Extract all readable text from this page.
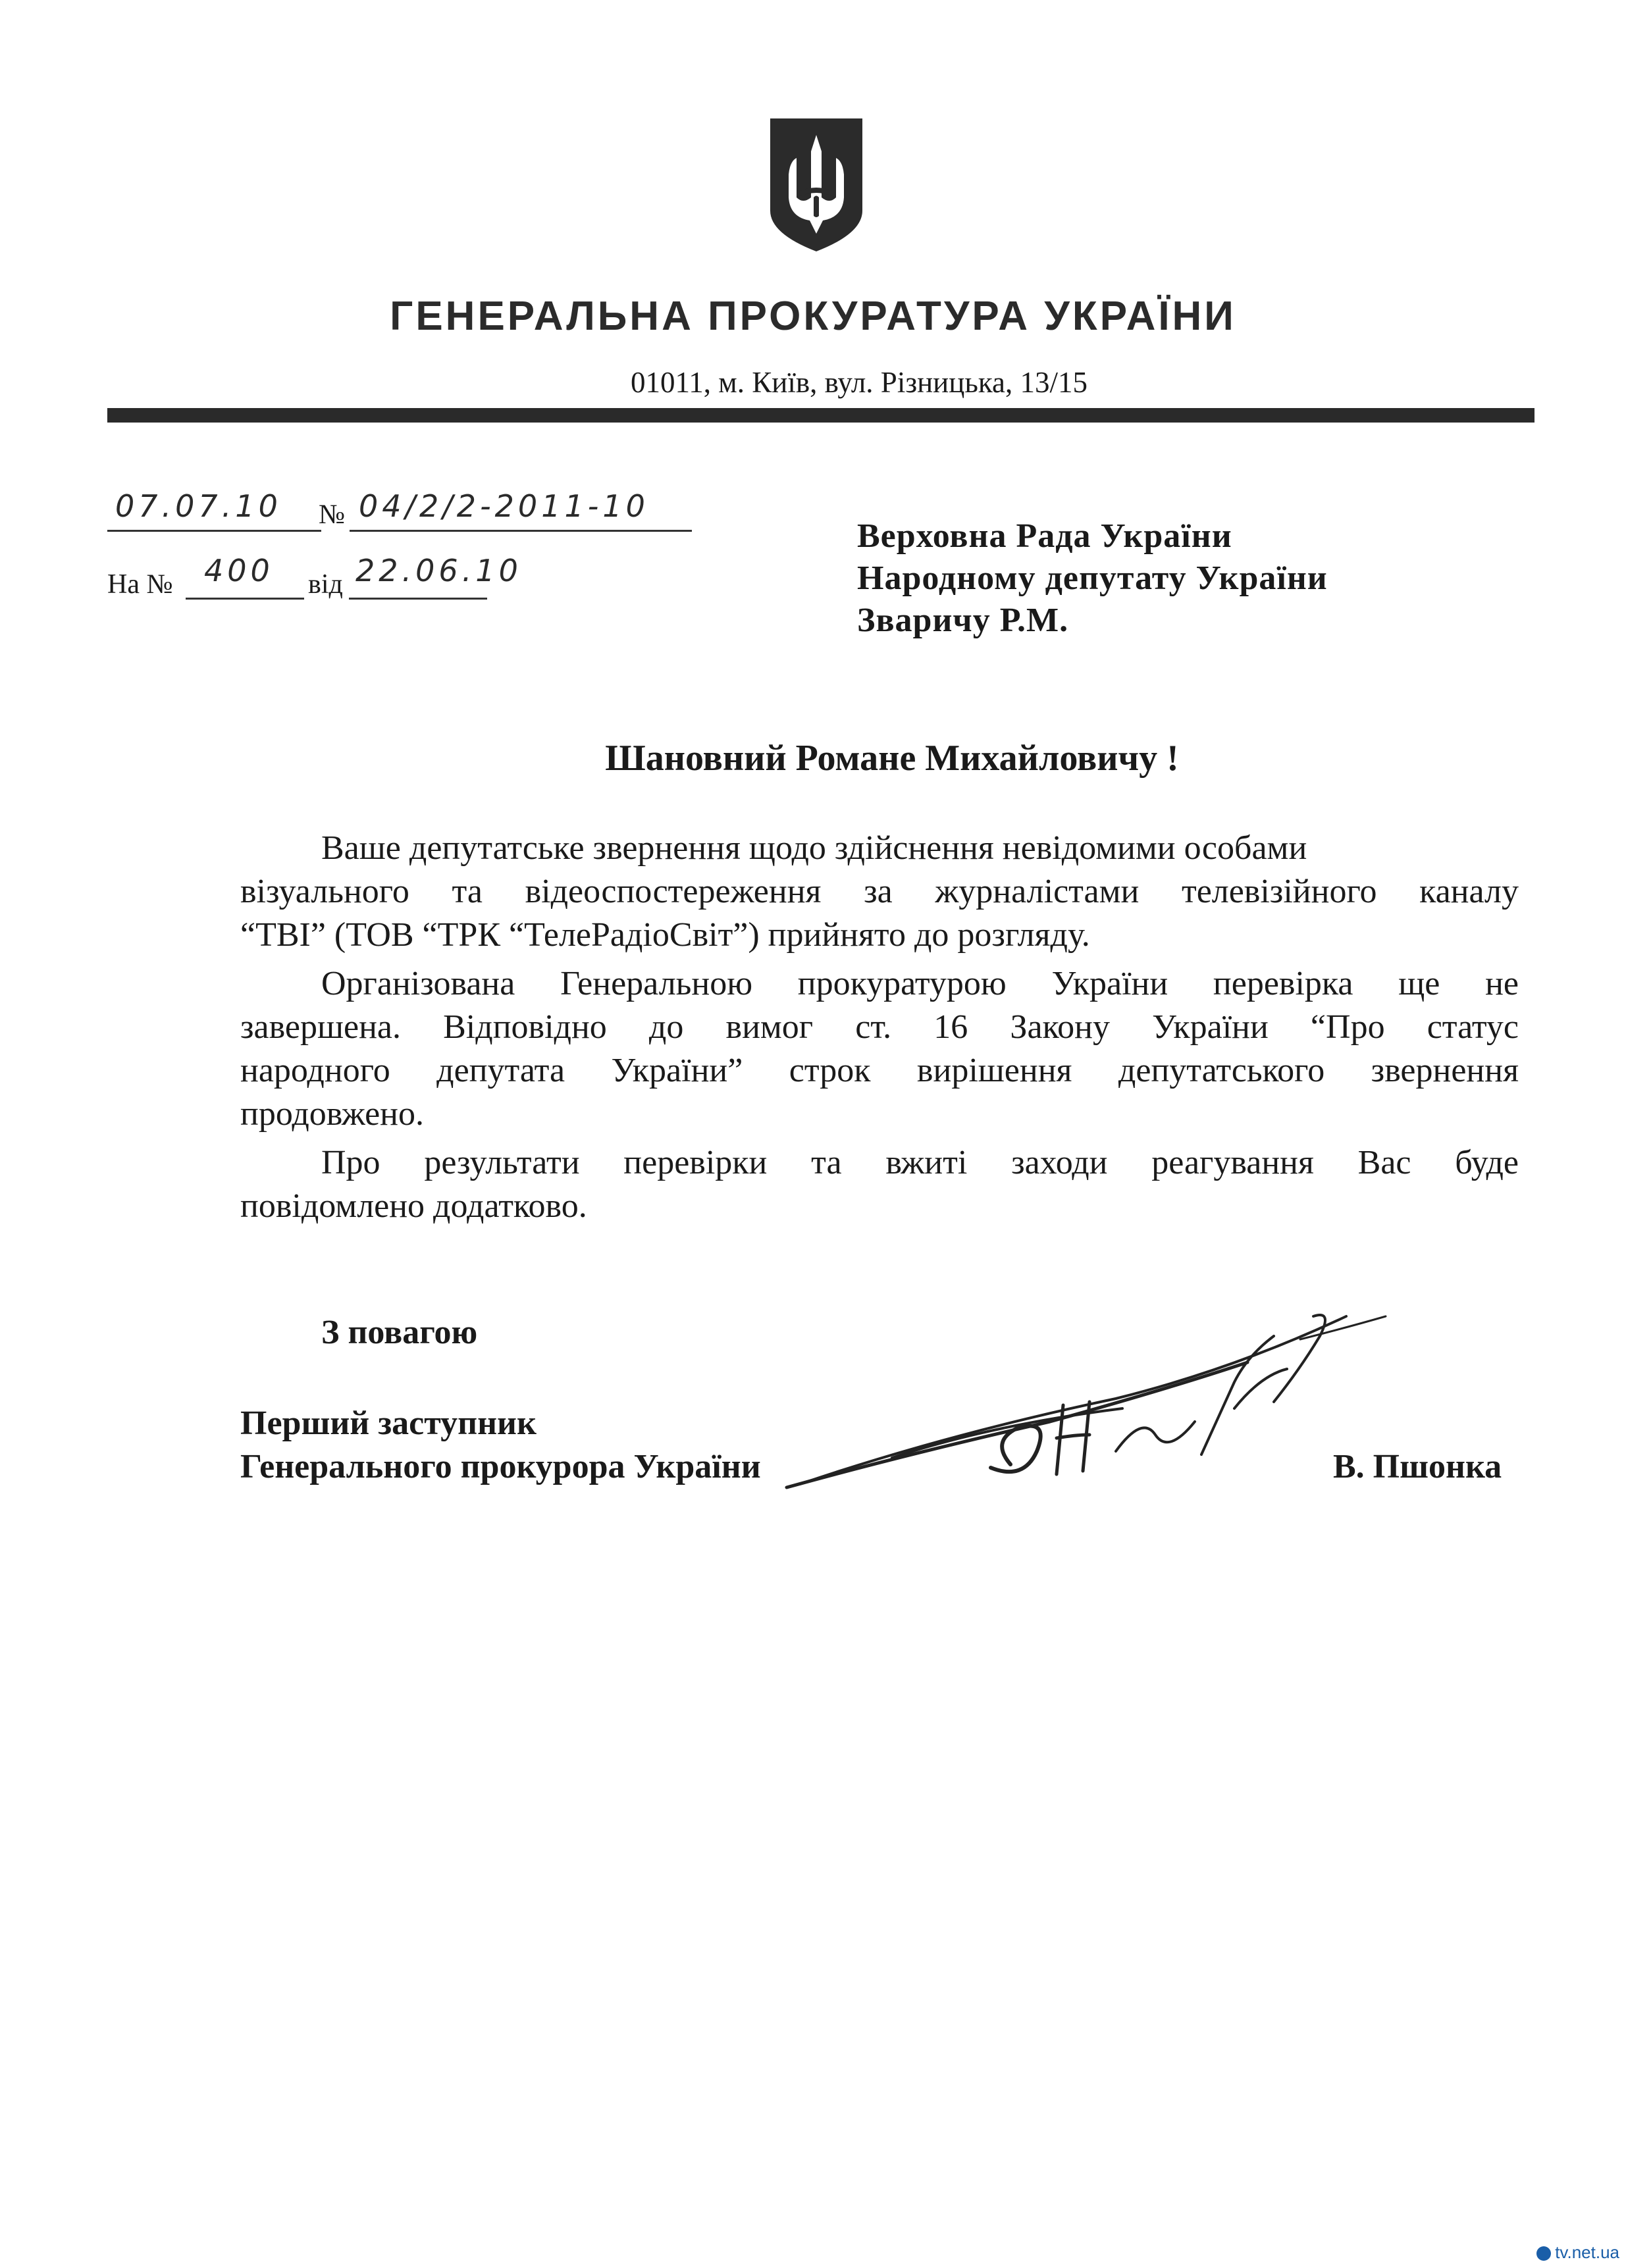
ГЕНЕРАЛЬНА ПРОКУРАТУРА УКРАЇНИ
01011, м. Київ, вул. Різницька, 13/15
07.07.10 № 04/2/2-2011-10
На № 400 від 22.06.10
Верховна Рада України
Народному депутату України
Зваричу Р.М.
Шановний Романе Михайловичу !
Ваше депутатське звернення щодо здійснення невідомими особами
візуального та відеоспостереження за журналістами телевізійного каналу
“ТВІ” (ТОВ “ТРК “ТелеРадіоСвіт”) прийнято до розгляду.
Організована Генеральною прокуратурою України перевірка ще не
завершена. Відповідно до вимог ст. 16 Закону України “Про статус
народного депутата України” строк вирішення депутатського звернення
продовжено.
Про результати перевірки та вжиті заходи реагування Вас буде
повідомлено додатково.
З повагою
Перший заступник
Генерального прокурора України	В. Пшонка
tv.net.ua
